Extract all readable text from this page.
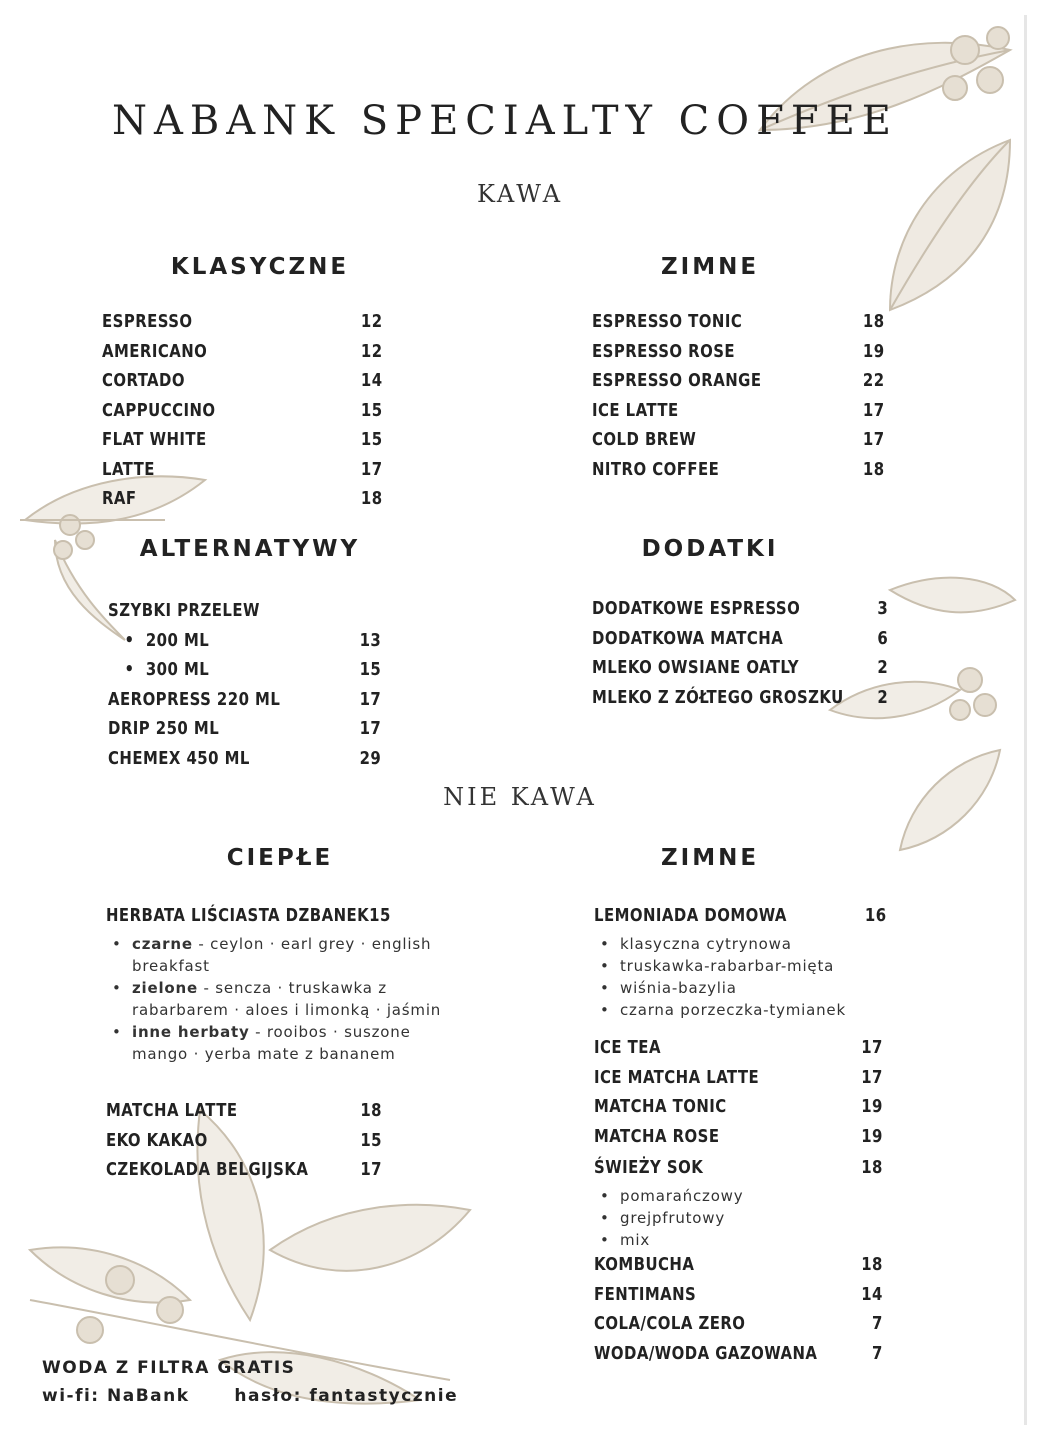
NABANK SPECIALTY COFFEE
KAWA
KLASYCZNE
ESPRESSO	12
AMERICANO	12
CORTADO	14
CAPPUCCINO	15
FLAT WHITE	15
LATTE	17
RAF	18
ZIMNE
ESPRESSO TONIC	18
ESPRESSO ROSE	19
ESPRESSO ORANGE	22
ICE LATTE	17
COLD BREW	17
NITRO COFFEE	18
ALTERNATYWY
SZYBKI PRZELEW
•  200 ML	13
•  300 ML	15
AEROPRESS 220 ML	17
DRIP 250 ML	17
CHEMEX 450 ML	29
DODATKI
DODATKOWE ESPRESSO	3
DODATKOWA MATCHA	6
MLEKO OWSIANE OATLY	2
MLEKO Z ZÓŁTEGO GROSZKU	2
NIE KAWA
CIEPŁE
HERBATA LIŚCIASTA DZBANEK 15
• czarne - ceylon · earl grey · english breakfast
• zielone - sencza · truskawka z rabarbarem · aloes i limonką · jaśmin
• inne herbaty - rooibos · suszone mango · yerba mate z bananem
MATCHA LATTE	18
EKO KAKAO	15
CZEKOLADA BELGIJSKA	17
ZIMNE
LEMONIADA DOMOWA	16
• klasyczna cytrynowa
• truskawka-rabarbar-mięta
• wiśnia-bazylia
• czarna porzeczka-tymianek
ICE TEA	17
ICE MATCHA LATTE	17
MATCHA TONIC	19
MATCHA ROSE	19
ŚWIEŻY SOK	18
• pomarańczowy
• grejpfrutowy
• mix
KOMBUCHA	18
FENTIMANS	14
COLA/COLA ZERO	7
WODA/WODA GAZOWANA	7
WODA Z FILTRA GRATIS
wi-fi: NaBank	hasło: fantastycznie
